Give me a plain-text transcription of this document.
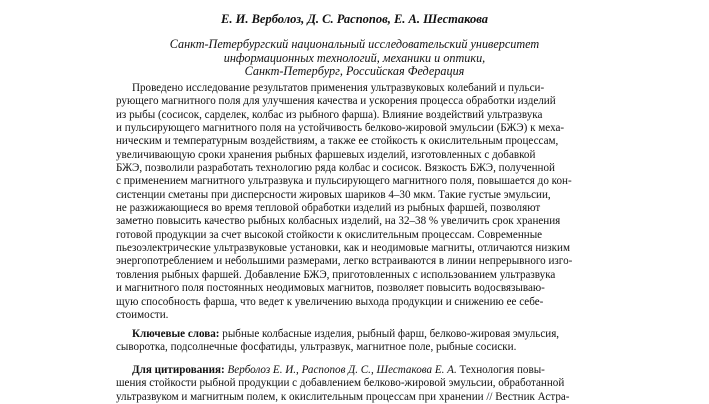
Е. И. Верболоз, Д. С. Распопов, Е. А. Шестакова
Санкт-Петербургский национальный исследовательский университет
информационных технологий, механики и оптики,
Санкт-Петербург, Российская Федерация
Проведено исследование результатов применения ультразвуковых колебаний и пульси-
рующего магнитного поля для улучшения качества и ускорения процесса обработки изделий
из рыбы (сосисок, сарделек, колбас из рыбного фарша). Влияние воздействий ультразвука
и пульсирующего магнитного поля на устойчивость белково-жировой эмульсии (БЖЭ) к меха-
ническим и температурным воздействиям, а также ее стойкость к окислительным процессам,
увеличивающую сроки хранения рыбных фаршевых изделий, изготовленных с добавкой
БЖЭ, позволили разработать технологию ряда колбас и сосисок. Вязкость БЖЭ, полученной
с применением магнитного ультразвука и пульсирующего магнитного поля, повышается до кон-
систенции сметаны при дисперсности жировых шариков 4–30 мкм. Такие густые эмульсии,
не разжижающиеся во время тепловой обработки изделий из рыбных фаршей, позволяют
заметно повысить качество рыбных колбасных изделий, на 32–38 % увеличить срок хранения
готовой продукции за счет высокой стойкости к окислительным процессам. Современные
пьезоэлектрические ультразвуковые установки, как и неодимовые магниты, отличаются низким
энергопотреблением и небольшими размерами, легко встраиваются в линии непрерывного изго-
товления рыбных фаршей. Добавление БЖЭ, приготовленных с использованием ультразвука
и магнитного поля постоянных неодимовых магнитов, позволяет повысить водосвязываю-
щую способность фарша, что ведет к увеличению выхода продукции и снижению ее себе-
стоимости.
Ключевые слова: рыбные колбасные изделия, рыбный фарш, белково-жировая эмульсия,
сыворотка, подсолнечные фосфатиды, ультразвук, магнитное поле, рыбные сосиски.
Для цитирования: Верболоз Е. И., Распопов Д. С., Шестакова Е. А. Технология повы-
шения стойкости рыбной продукции с добавлением белково-жировой эмульсии, обработанной
ультразвуком и магнитным полем, к окислительным процессам при хранении // Вестник Астра-
